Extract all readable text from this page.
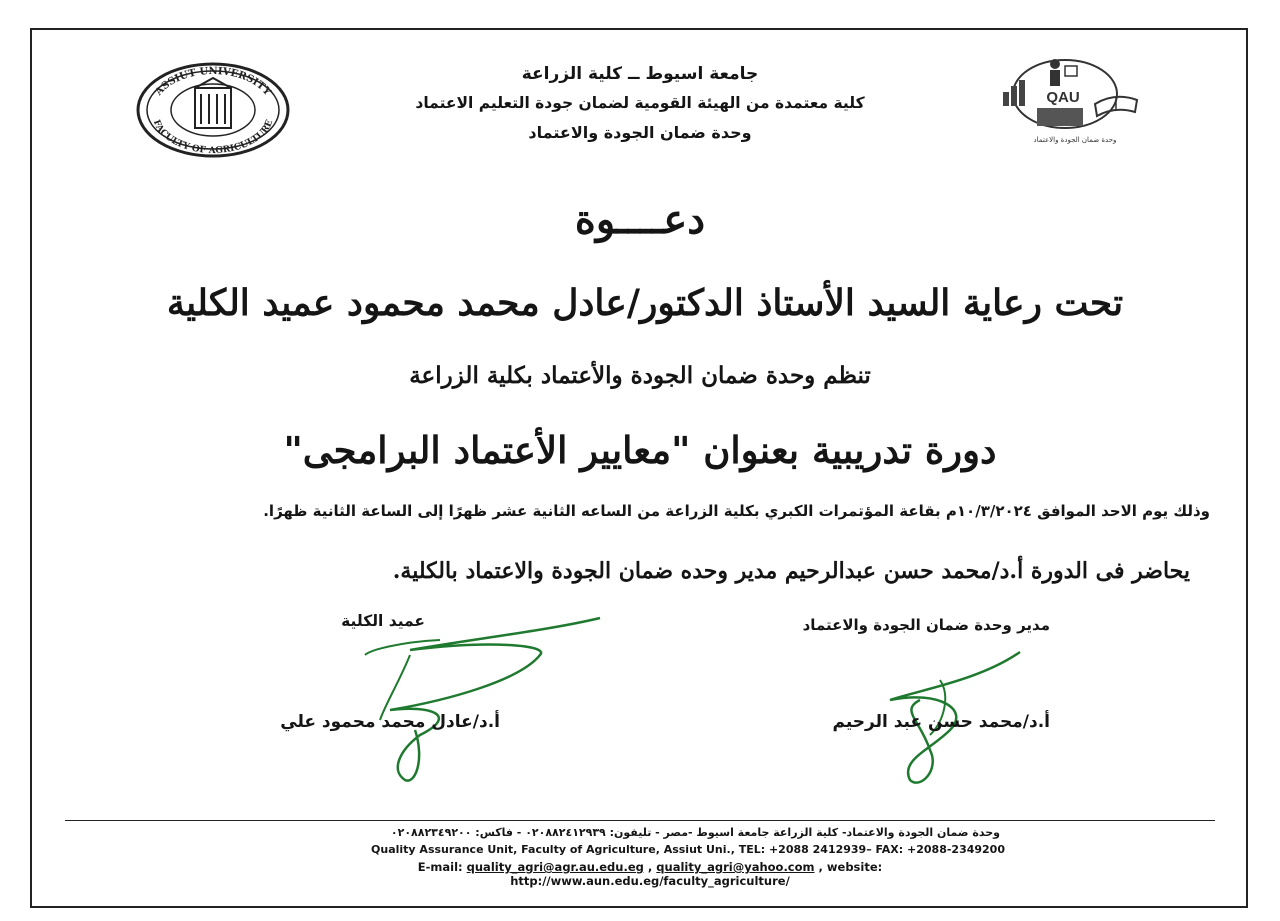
ASSIUT UNIVERSITY
FACULTY OF AGRICULTURE
QAU
وحدة ضمان الجودة والاعتماد
جامعة اسيوط ــ كلية الزراعة
كلية معتمدة من الهيئة القومية لضمان جودة التعليم الاعتماد
وحدة ضمان الجودة والاعتماد
دعــــوة
تحت رعاية السيد الأستاذ الدكتور/عادل محمد محمود عميد الكلية
تنظم وحدة ضمان الجودة والأعتماد بكلية الزراعة
دورة تدريبية بعنوان "معايير الأعتماد البرامجى"
وذلك يوم الاحد الموافق ١٠/٣/٢٠٢٤م بقاعة المؤتمرات الكبري بكلية الزراعة من الساعه الثانية عشر ظهرًا إلى الساعة الثانية ظهرًا.
يحاضر فى الدورة أ.د/محمد حسن عبدالرحيم مدير وحده ضمان الجودة والاعتماد بالكلية.
مدير وحدة ضمان الجودة والاعتماد
عميد الكلية
أ.د/محمد حسن عبد الرحيم
أ.د/عادل محمد محمود علي
وحدة ضمان الجودة والاعتماد- كلية الزراعة جامعة اسيوط -مصر - تليفون: ٠٢٠٨٨٢٤١٢٩٣٩ - فاكس: ٠٢٠٨٨٢٣٤٩٢٠٠
Quality Assurance Unit, Faculty of Agriculture, Assiut Uni., TEL: +2088 2412939– FAX: +2088-2349200
E-mail: quality_agri@agr.au.edu.eg , quality_agri@yahoo.com , website: http://www.aun.edu.eg/faculty_agriculture/
